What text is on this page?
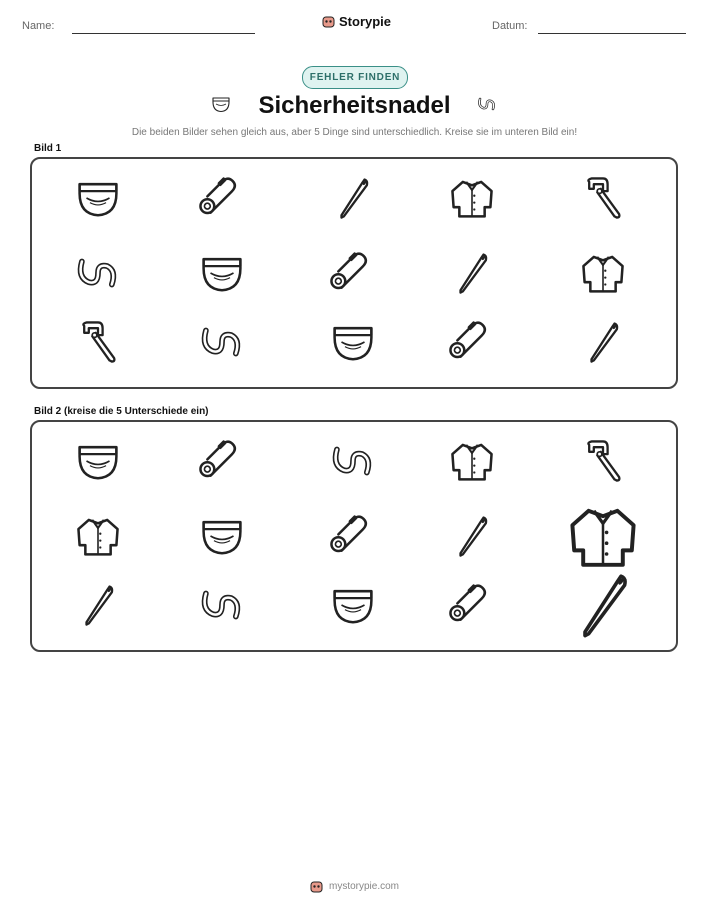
Name:	Storypie	Datum:
FEHLER FINDEN
Sicherheitsnadel
Die beiden Bilder sehen gleich aus, aber 5 Dinge sind unterschiedlich. Kreise sie im unteren Bild ein!
Bild 1
Bild 2 (kreise die 5 Unterschiede ein)
mystorypie.com
